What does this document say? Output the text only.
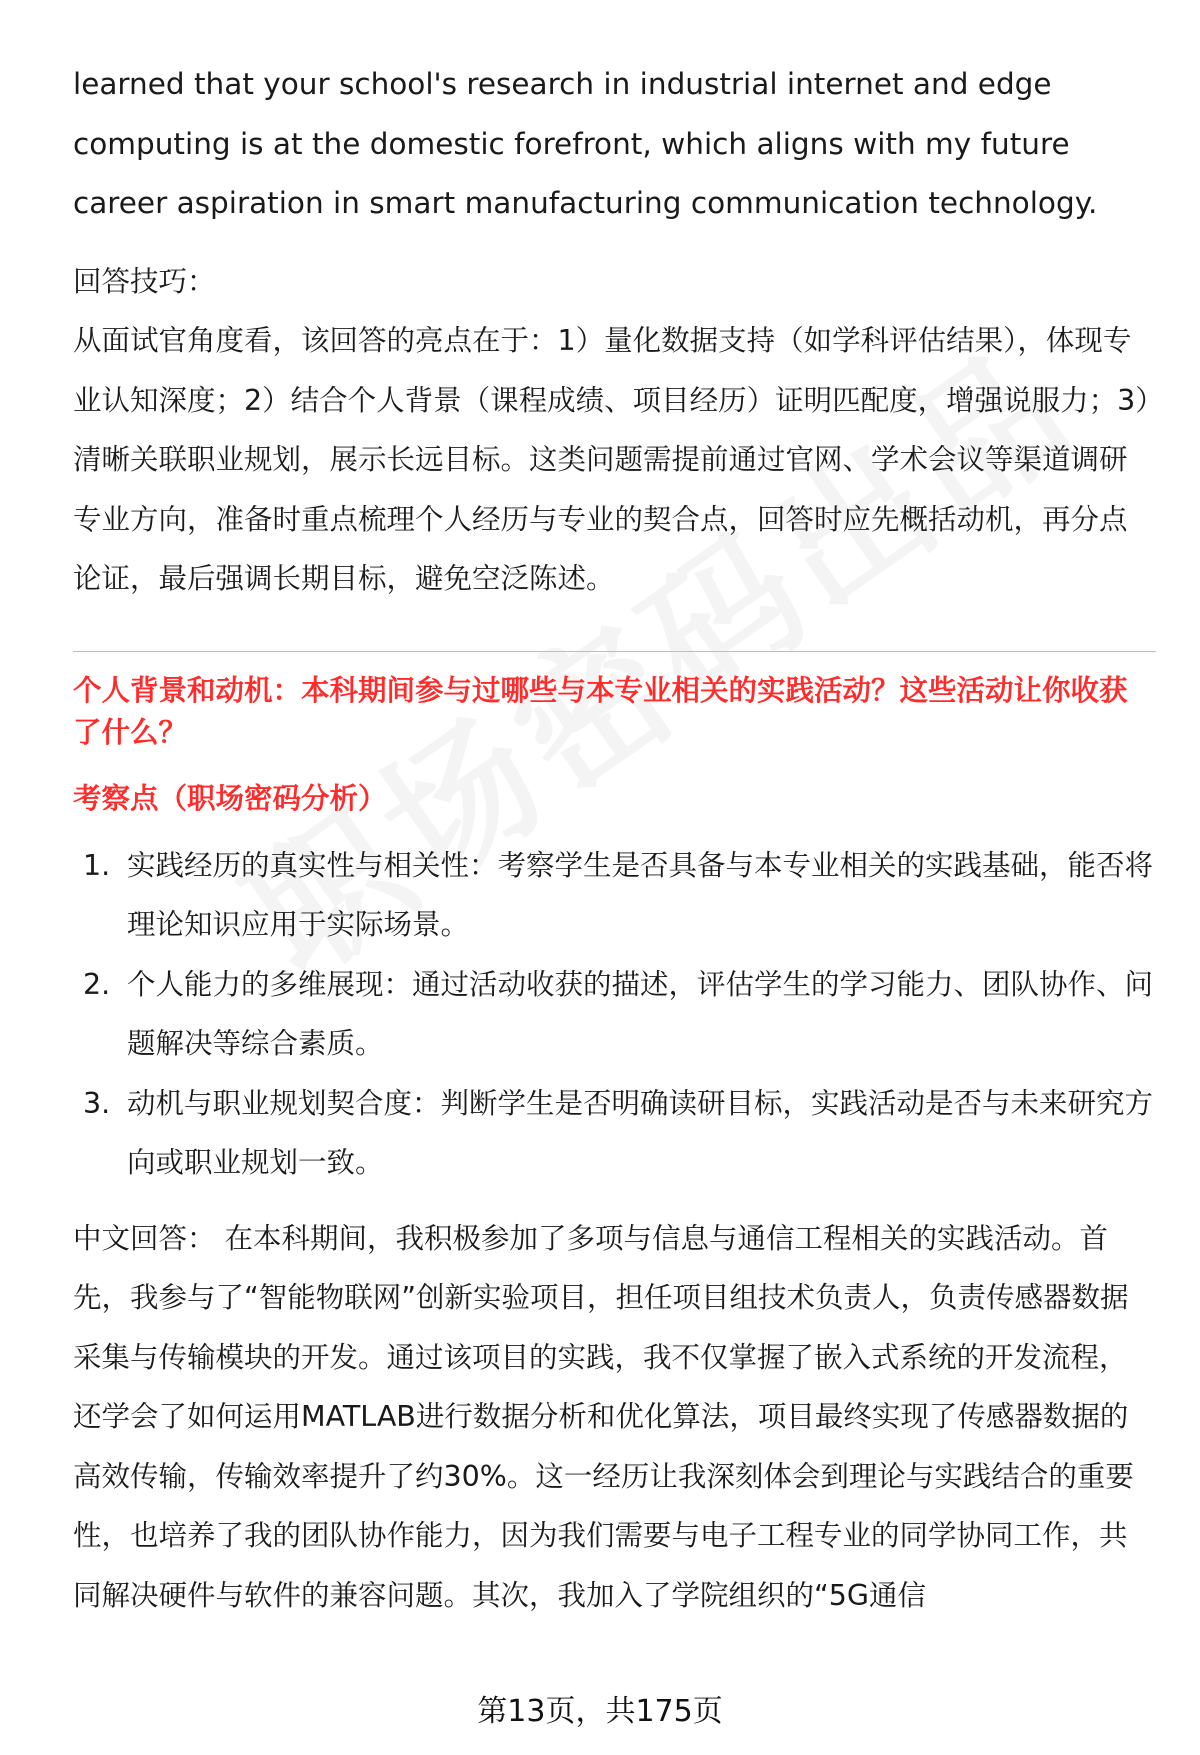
learned that your school's research in industrial internet and edge computing is at the domestic forefront, which aligns with my future career aspiration in smart manufacturing communication technology.

回答技巧：

从面试官角度看，该回答的亮点在于：1）量化数据支持（如学科评估结果），体现专业认知深度；2）结合个人背景（课程成绩、项目经历）证明匹配度，增强说服力；3）清晰关联职业规划，展示长远目标。这类问题需提前通过官网、学术会议等渠道调研专业方向，准备时重点梳理个人经历与专业的契合点，回答时应先概括动机，再分点论证，最后强调长期目标，避免空泛陈述。

个人背景和动机：本科期间参与过哪些与本专业相关的实践活动？这些活动让你收获了什么？

考察点（职场密码分析）

1. 实践经历的真实性与相关性：考察学生是否具备与本专业相关的实践基础，能否将理论知识应用于实际场景。
2. 个人能力的多维展现：通过活动收获的描述，评估学生的学习能力、团队协作、问题解决等综合素质。
3. 动机与职业规划契合度：判断学生是否明确读研目标，实践活动是否与未来研究方向或职业规划一致。

中文回答： 在本科期间，我积极参加了多项与信息与通信工程相关的实践活动。首先，我参与了“智能物联网”创新实验项目，担任项目组技术负责人，负责传感器数据采集与传输模块的开发。通过该项目的实践，我不仅掌握了嵌入式系统的开发流程，还学会了如何运用MATLAB进行数据分析和优化算法，项目最终实现了传感器数据的高效传输，传输效率提升了约30%。这一经历让我深刻体会到理论与实践结合的重要性，也培养了我的团队协作能力，因为我们需要与电子工程专业的同学协同工作，共同解决硬件与软件的兼容问题。其次，我加入了学院组织的“5G通信

第13页，共175页
